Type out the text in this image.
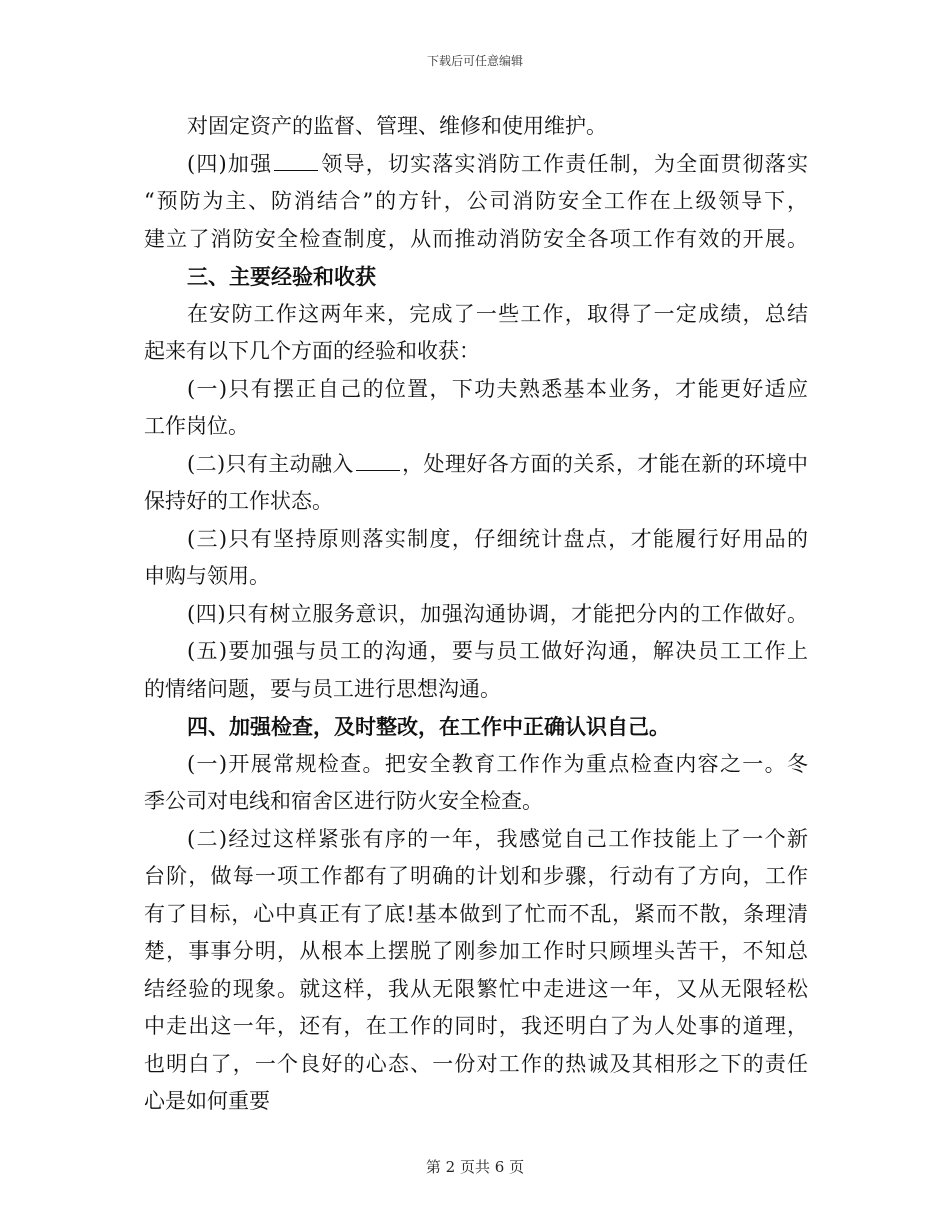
下载后可任意编辑
对固定资产的监督、管理、维修和使用维护。
(四)加强 领导，切实落实消防工作责任制，为全面贯彻落实
“预防为主、防消结合”的方针，公司消防安全工作在上级领导下，
建立了消防安全检查制度，从而推动消防安全各项工作有效的开展。
三、主要经验和收获
在安防工作这两年来，完成了一些工作，取得了一定成绩，总结
起来有以下几个方面的经验和收获：
(一)只有摆正自己的位置，下功夫熟悉基本业务，才能更好适应
工作岗位。
(二)只有主动融入 ，处理好各方面的关系，才能在新的环境中
保持好的工作状态。
(三)只有坚持原则落实制度，仔细统计盘点，才能履行好用品的
申购与领用。
(四)只有树立服务意识，加强沟通协调，才能把分内的工作做好。
(五)要加强与员工的沟通，要与员工做好沟通，解决员工工作上
的情绪问题，要与员工进行思想沟通。
四、加强检查，及时整改，在工作中正确认识自己。
(一)开展常规检查。把安全教育工作作为重点检查内容之一。冬
季公司对电线和宿舍区进行防火安全检查。
(二)经过这样紧张有序的一年，我感觉自己工作技能上了一个新
台阶，做每一项工作都有了明确的计划和步骤，行动有了方向，工作
有了目标，心中真正有了底!基本做到了忙而不乱，紧而不散，条理清
楚，事事分明，从根本上摆脱了刚参加工作时只顾埋头苦干，不知总
结经验的现象。就这样，我从无限繁忙中走进这一年，又从无限轻松
中走出这一年，还有，在工作的同时，我还明白了为人处事的道理，
也明白了，一个良好的心态、一份对工作的热诚及其相形之下的责任
心是如何重要
第 2 页共 6 页
